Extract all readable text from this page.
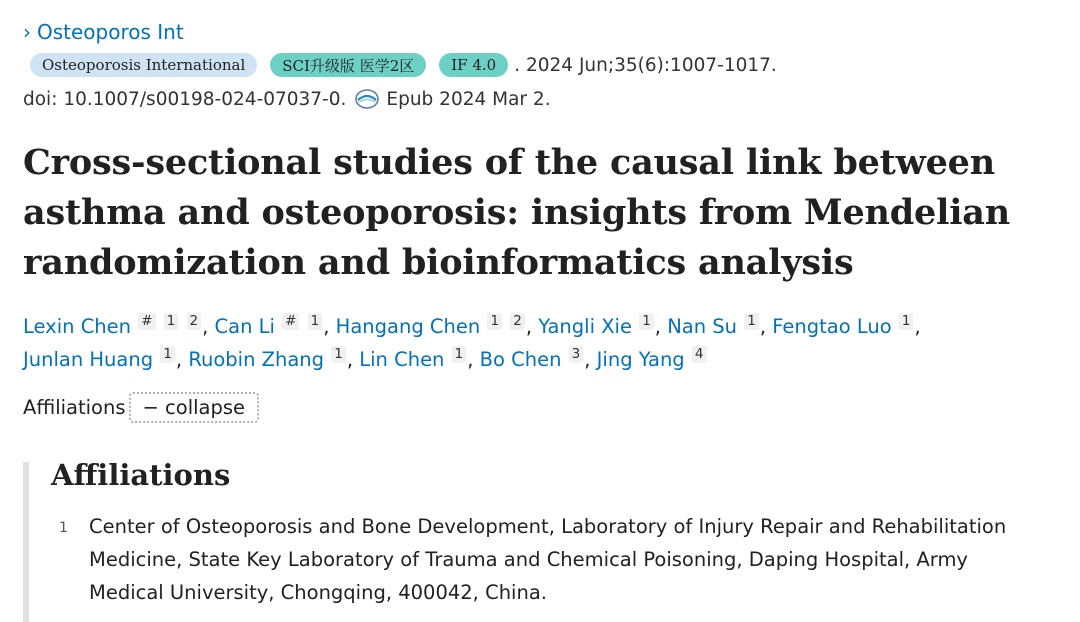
› Osteoporos Int
Osteoporosis International	SCI升级版 医学2区	IF 4.0 . 2024 Jun;35(6):1007-1017.
doi: 10.1007/s00198-024-07037-0. Epub 2024 Mar 2.
Cross-sectional studies of the causal link between asthma and osteoporosis: insights from Mendelian randomization and bioinformatics analysis
Lexin Chen # 1 2 , Can Li # 1 , Hangang Chen 1 2 , Yangli Xie 1 , Nan Su 1 , Fengtao Luo 1 ,
Junlan Huang 1 , Ruobin Zhang 1 , Lin Chen 1 , Bo Chen 3 , Jing Yang 4
Affiliations − collapse
Affiliations
1	Center of Osteoporosis and Bone Development, Laboratory of Injury Repair and Rehabilitation Medicine, State Key Laboratory of Trauma and Chemical Poisoning, Daping Hospital, Army Medical University, Chongqing, 400042, China.
